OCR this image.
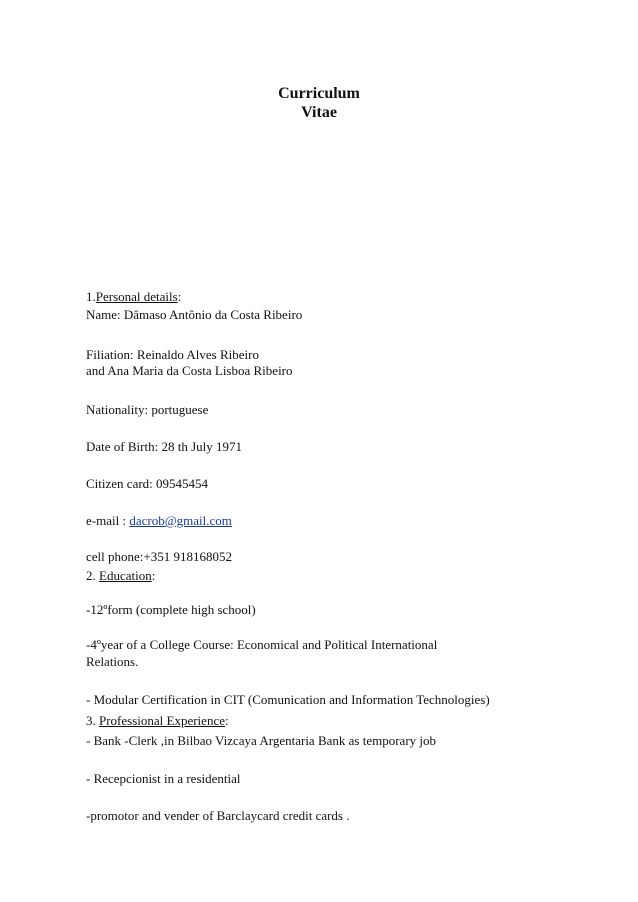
Curriculum
Vitae
1.Personal details:
Name: Dâmaso Antônio da Costa Ribeiro
Filiation: Reinaldo Alves Ribeiro
and Ana Maria da Costa Lisboa Ribeiro
Nationality: portuguese
Date of Birth: 28 th July 1971
Citizen card: 09545454
e-mail : dacrob@gmail.com
cell phone:+351 918168052
2. Education:
-12ºform (complete high school)
-4ºyear of a College Course: Economical and Political International
Relations.
- Modular Certification in CIT (Comunication and Information Technologies)
3. Professional Experience:
- Bank -Clerk ,in Bilbao Vizcaya Argentaria Bank as temporary job
- Recepcionist in a residential
-promotor and vender of Barclaycard credit cards .
